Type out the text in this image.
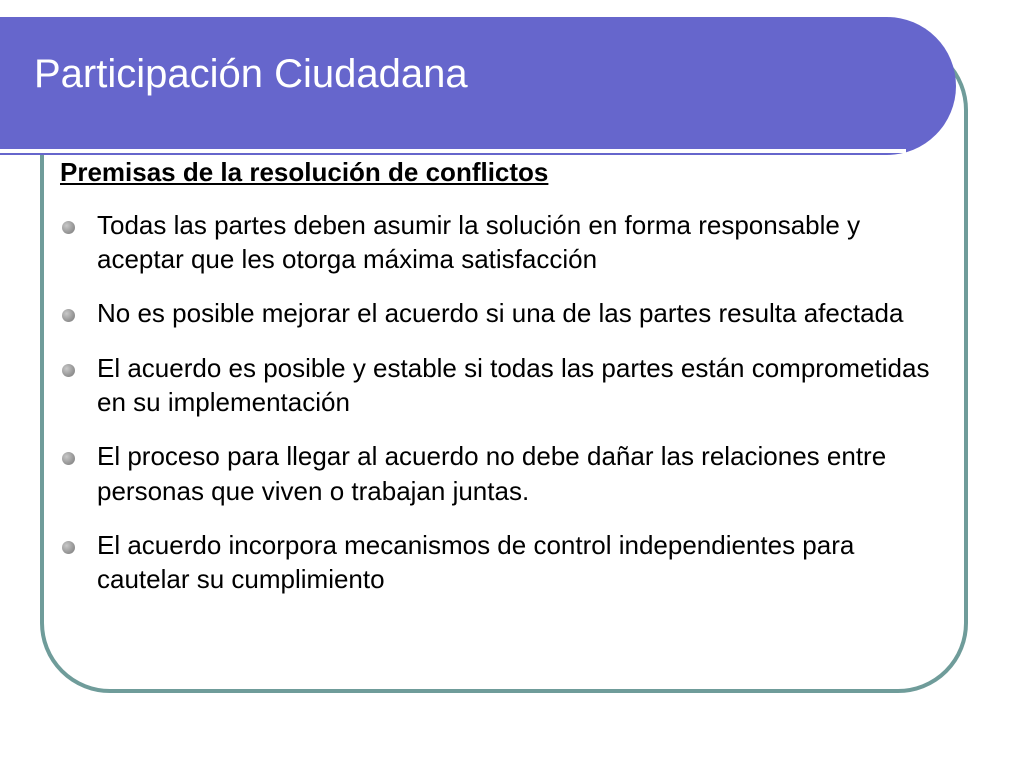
Participación Ciudadana

Premisas de la resolución de conflictos

Todas las partes deben asumir la solución en forma responsable y aceptar que les otorga máxima satisfacción
No es posible mejorar el acuerdo si una de las partes resulta afectada
El acuerdo es posible y estable si todas las partes están comprometidas en su implementación
El proceso para llegar al acuerdo no debe dañar las relaciones entre personas que viven o trabajan juntas.
El acuerdo incorpora mecanismos de control independientes para cautelar su cumplimiento
